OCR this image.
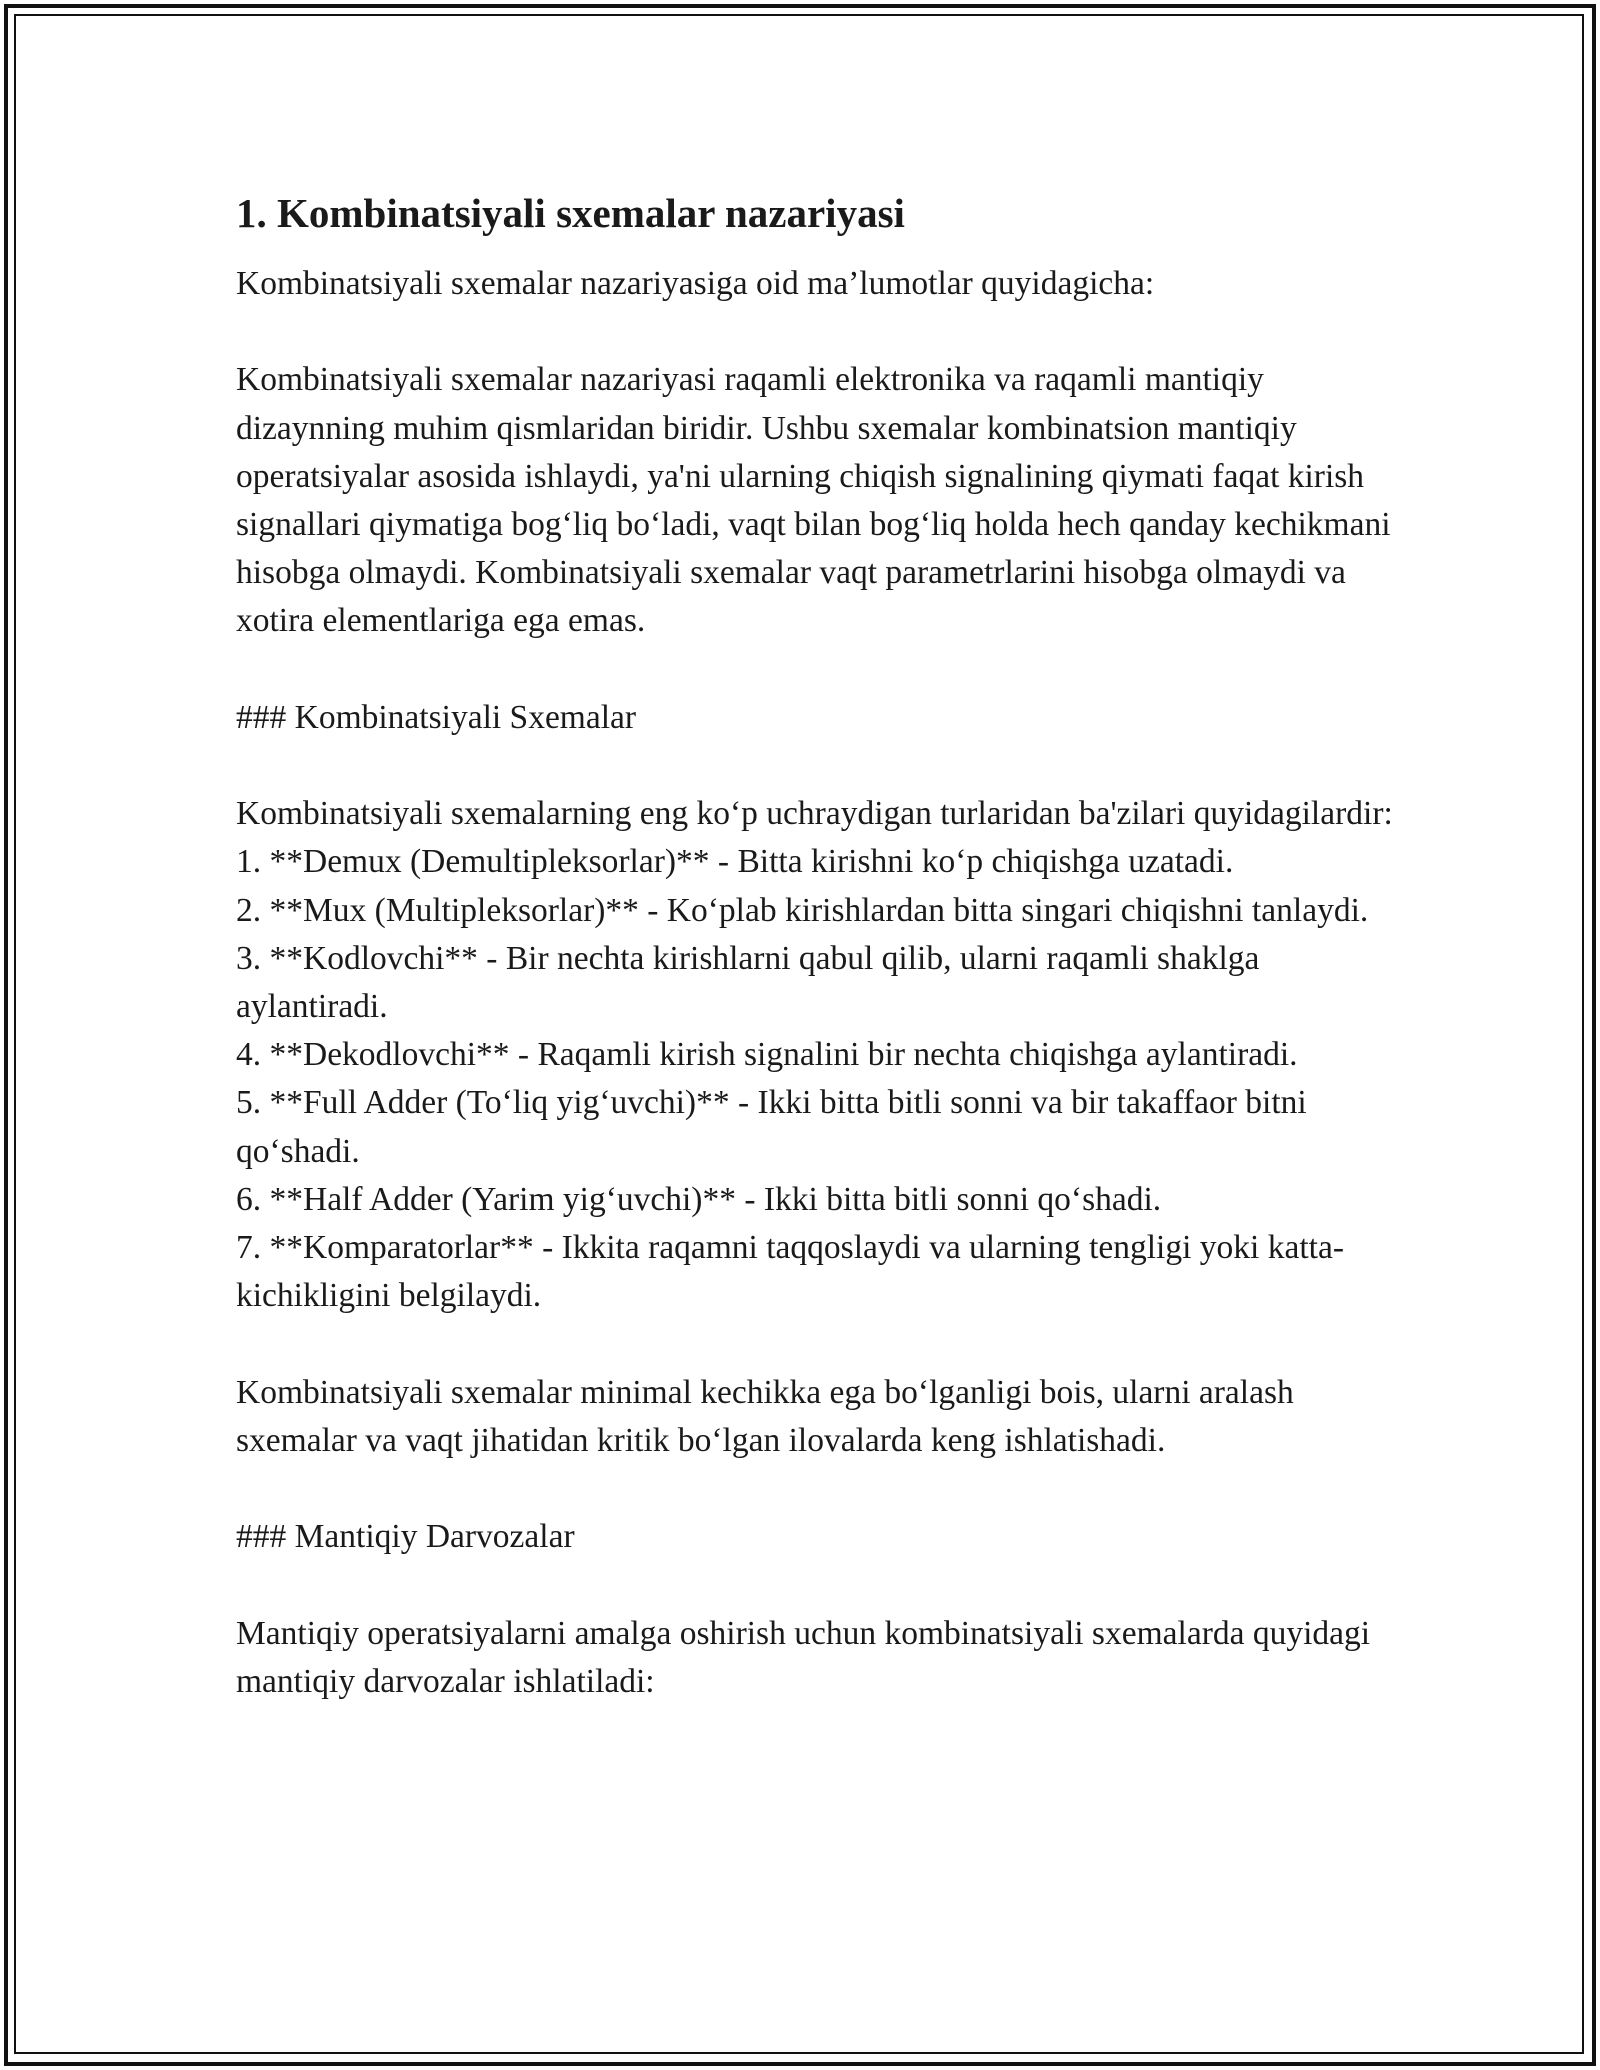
1. Kombinatsiyali sxemalar nazariyasi

Kombinatsiyali sxemalar nazariyasiga oid ma’lumotlar quyidagicha:

Kombinatsiyali sxemalar nazariyasi raqamli elektronika va raqamli mantiqiy dizaynning muhim qismlaridan biridir. Ushbu sxemalar kombinatsion mantiqiy operatsiyalar asosida ishlaydi, ya'ni ularning chiqish signalining qiymati faqat kirish signallari qiymatiga bog‘liq bo‘ladi, vaqt bilan bog‘liq holda hech qanday kechikmani hisobga olmaydi. Kombinatsiyali sxemalar vaqt parametrlarini hisobga olmaydi va xotira elementlariga ega emas.

### Kombinatsiyali Sxemalar

Kombinatsiyali sxemalarning eng ko‘p uchraydigan turlaridan ba'zilari quyidagilardir:

1. **Demux (Demultipleksorlar)** - Bitta kirishni ko‘p chiqishga uzatadi.
2. **Mux (Multipleksorlar)** - Ko‘plab kirishlardan bitta singari chiqishni tanlaydi.
3. **Kodlovchi** - Bir nechta kirishlarni qabul qilib, ularni raqamli shaklga aylantiradi.
4. **Dekodlovchi** - Raqamli kirish signalini bir nechta chiqishga aylantiradi.
5. **Full Adder (To‘liq yig‘uvchi)** - Ikki bitta bitli sonni va bir takaffaor bitni qo‘shadi.
6. **Half Adder (Yarim yig‘uvchi)** - Ikki bitta bitli sonni qo‘shadi.
7. **Komparatorlar** - Ikkita raqamni taqqoslaydi va ularning tengligi yoki katta-kichikligini belgilaydi.

Kombinatsiyali sxemalar minimal kechikka ega bo‘lganligi bois, ularni aralash sxemalar va vaqt jihatidan kritik bo‘lgan ilovalarda keng ishlatishadi.

### Mantiqiy Darvozalar

Mantiqiy operatsiyalarni amalga oshirish uchun kombinatsiyali sxemalarda quyidagi mantiqiy darvozalar ishlatiladi:
